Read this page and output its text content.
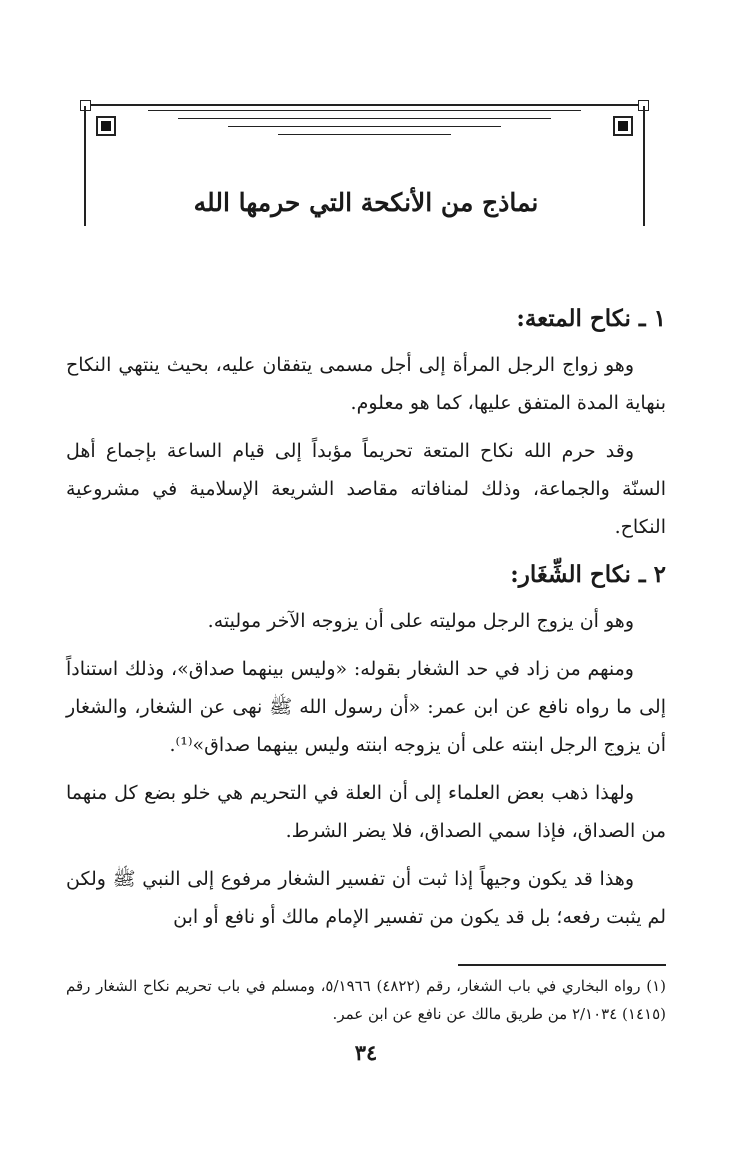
نماذج من الأنكحة التي حرمها الله
١ ـ نكاح المتعة:

وهو زواج الرجل المرأة إلى أجل مسمى يتفقان عليه، بحيث ينتهي النكاح بنهاية المدة المتفق عليها، كما هو معلوم.

وقد حرم الله نكاح المتعة تحريماً مؤبداً إلى قيام الساعة بإجماع أهل السنّة والجماعة، وذلك لمنافاته مقاصد الشريعة الإسلامية في مشروعية النكاح.

٢ ـ نكاح الشِّغَار:

وهو أن يزوج الرجل موليته على أن يزوجه الآخر موليته.

ومنهم من زاد في حد الشغار بقوله: «وليس بينهما صداق»، وذلك استناداً إلى ما رواه نافع عن ابن عمر: «أن رسول الله ﷺ نهى عن الشغار، والشغار أن يزوج الرجل ابنته على أن يزوجه ابنته وليس بينهما صداق»⁽¹⁾.

ولهذا ذهب بعض العلماء إلى أن العلة في التحريم هي خلو بضع كل منهما من الصداق، فإذا سمي الصداق، فلا يضر الشرط.

وهذا قد يكون وجيهاً إذا ثبت أن تفسير الشغار مرفوع إلى النبي ﷺ ولكن لم يثبت رفعه؛ بل قد يكون من تفسير الإمام مالك أو نافع أو ابن

(١) رواه البخاري في باب الشغار، رقم (٤٨٢٢) ٥/١٩٦٦، ومسلم في باب تحريم نكاح الشغار رقم (١٤١٥) ٢/١٠٣٤ من طريق مالك عن نافع عن ابن عمر.
٣٤
